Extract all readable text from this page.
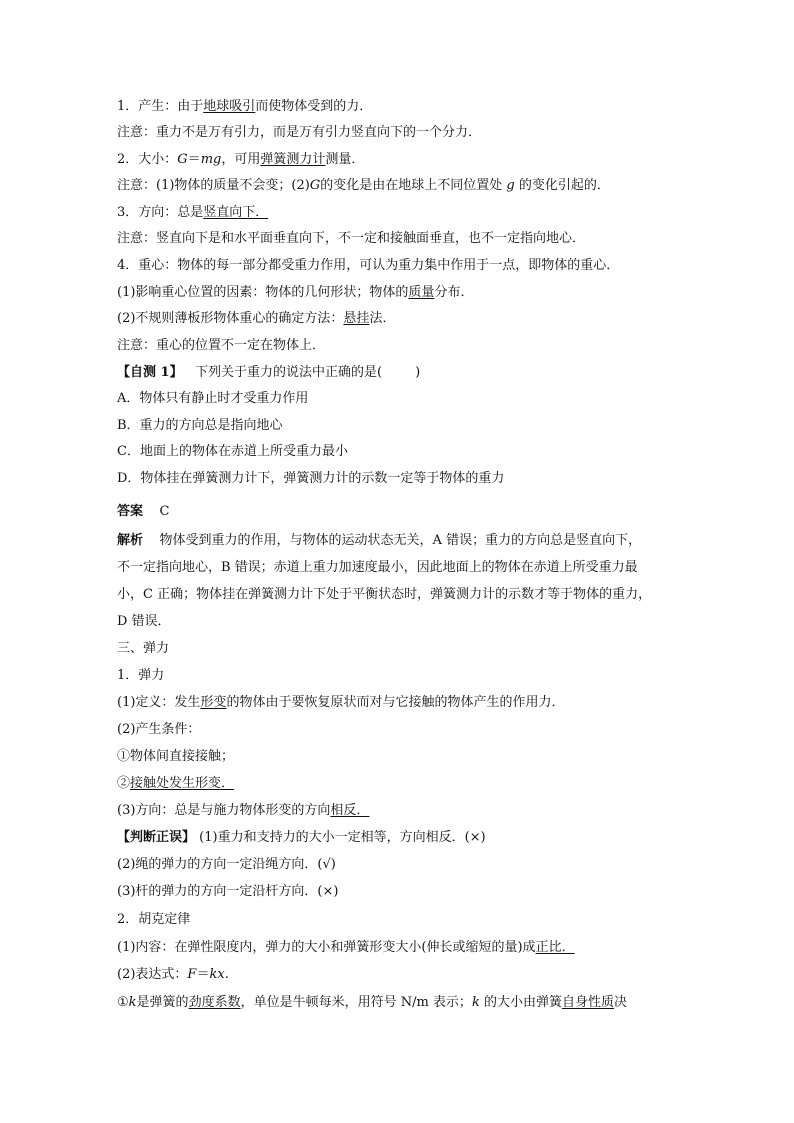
1．产生：由于地球吸引而使物体受到的力．
注意：重力不是万有引力，而是万有引力竖直向下的一个分力．
2．大小：G＝mg，可用弹簧测力计测量．
注意：(1)物体的质量不会变；(2)G的变化是由在地球上不同位置处 g 的变化引起的．
3．方向：总是竖直向下．
注意：竖直向下是和水平面垂直向下，不一定和接触面垂直，也不一定指向地心．
4．重心：物体的每一部分都受重力作用，可认为重力集中作用于一点，即物体的重心．
(1)影响重心位置的因素：物体的几何形状；物体的质量分布．
(2)不规则薄板形物体重心的确定方法：悬挂法．
注意：重心的位置不一定在物体上．
【自测 1】   下列关于重力的说法中正确的是(        )
A．物体只有静止时才受重力作用
B．重力的方向总是指向地心
C．地面上的物体在赤道上所受重力最小
D．物体挂在弹簧测力计下，弹簧测力计的示数一定等于物体的重力
答案    C
解析    物体受到重力的作用，与物体的运动状态无关，A 错误；重力的方向总是竖直向下，
不一定指向地心，B 错误；赤道上重力加速度最小，因此地面上的物体在赤道上所受重力最
小，C 正确；物体挂在弹簧测力计下处于平衡状态时，弹簧测力计的示数才等于物体的重力，
D 错误．
三、弹力
1．弹力
(1)定义：发生形变的物体由于要恢复原状而对与它接触的物体产生的作用力．
(2)产生条件：
①物体间直接接触；
②接触处发生形变．
(3)方向：总是与施力物体形变的方向相反．
【判断正误】 (1)重力和支持力的大小一定相等，方向相反．(×)
(2)绳的弹力的方向一定沿绳方向．(√)
(3)杆的弹力的方向一定沿杆方向．(×)
2．胡克定律
(1)内容：在弹性限度内，弹力的大小和弹簧形变大小(伸长或缩短的量)成正比．
(2)表达式：F＝kx.
①k是弹簧的劲度系数，单位是牛顿每米，用符号 N/m 表示；k 的大小由弹簧自身性质决
